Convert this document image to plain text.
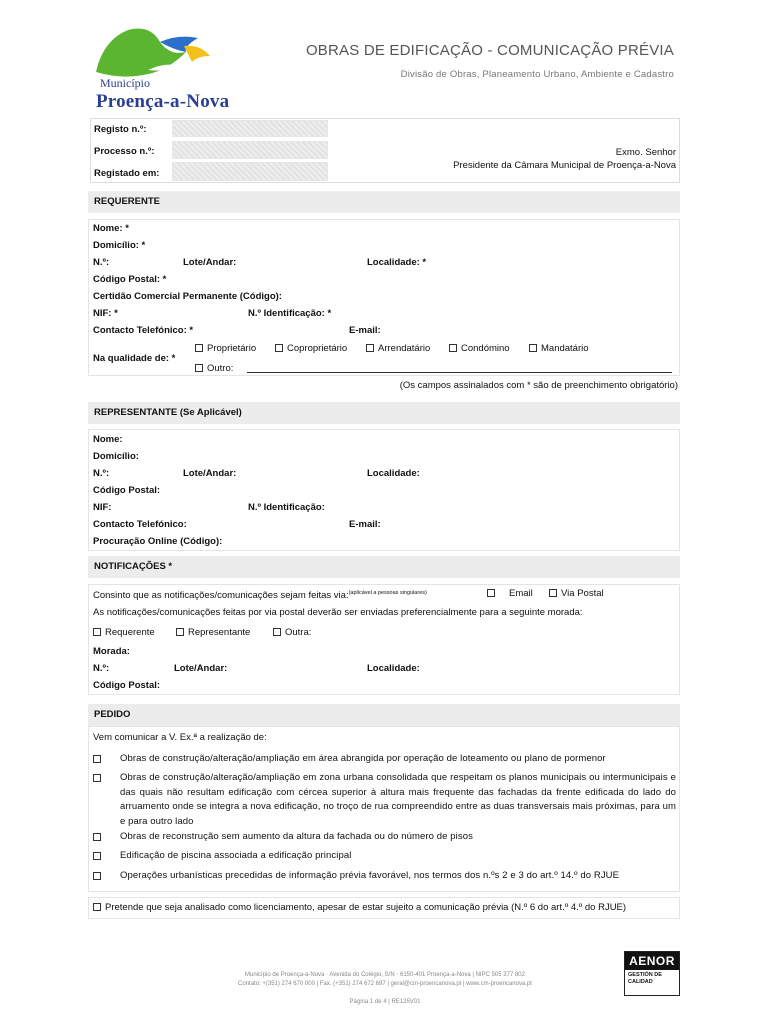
Município
Proença-a-Nova
OBRAS DE EDIFICAÇÃO - COMUNICAÇÃO PRÉVIA
Divisão de Obras, Planeamento Urbano, Ambiente e Cadastro
Registo n.º:
Processo n.º:
Registado em:
Exmo. Senhor
Presidente da Câmara Municipal de Proença-a-Nova
REQUERENTE
Nome: *
Domicílio: *
N.º:	Lote/Andar:	Localidade: *
Código Postal: *
Certidão Comercial Permanente (Código):
NIF: *	N.º Identificação: *
Contacto Telefónico: *	E-mail:
Na qualidade de: *
Proprietário	Coproprietário	Arrendatário	Condómino	Mandatário
Outro:
(Os campos assinalados com * são de preenchimento obrigatório)
REPRESENTANTE (Se Aplicável)
Nome:
Domicílio:
N.º:	Lote/Andar:	Localidade:
Código Postal:
NIF:	N.º Identificação:
Contacto Telefónico:	E-mail:
Procuração Online (Código):
NOTIFICAÇÕES *
Consinto que as notificações/comunicações sejam feitas via:$^{(aplicável a pessoas singulares)}$	Email	Via Postal
As notificações/comunicações feitas por via postal deverão ser enviadas preferencialmente para a seguinte morada:
Requerente	Representante	Outra:
Morada:
N.º:	Lote/Andar:	Localidade:
Código Postal:
PEDIDO
Vem comunicar a V. Ex.ª a realização de:
Obras de construção/alteração/ampliação em área abrangida por operação de loteamento ou plano de pormenor
Obras de construção/alteração/ampliação em zona urbana consolidada que respeitam os planos municipais ou intermunicipais e das quais não resultam edificação com cércea superior à altura mais frequente das fachadas da frente edificada do lado do arruamento onde se integra a nova edificação, no troço de rua compreendido entre as duas transversais mais próximas, para um e para outro lado
Obras de reconstrução sem aumento da altura da fachada ou do número de pisos
Edificação de piscina associada a edificação principal
Operações urbanísticas precedidas de informação prévia favorável, nos termos dos n.ºs 2 e 3 do art.º 14.º do RJUE
Pretende que seja analisado como licenciamento, apesar de estar sujeito a comunicação prévia (N.º 6 do art.º 4.º do RJUE)
Município de Proença-a-Nova · Avenida do Colégio, S/N · 6150-401 Proença-a-Nova | NIPC 505 377 802
Contato: +(351) 274 670 000 | Fax. (+351) 274 672 697 | geral@cm-proencanova.pt | www.cm-proencanova.pt
Página 1 de 4 | RE125V01
AENOR
GESTIÓN DE CALIDAD
